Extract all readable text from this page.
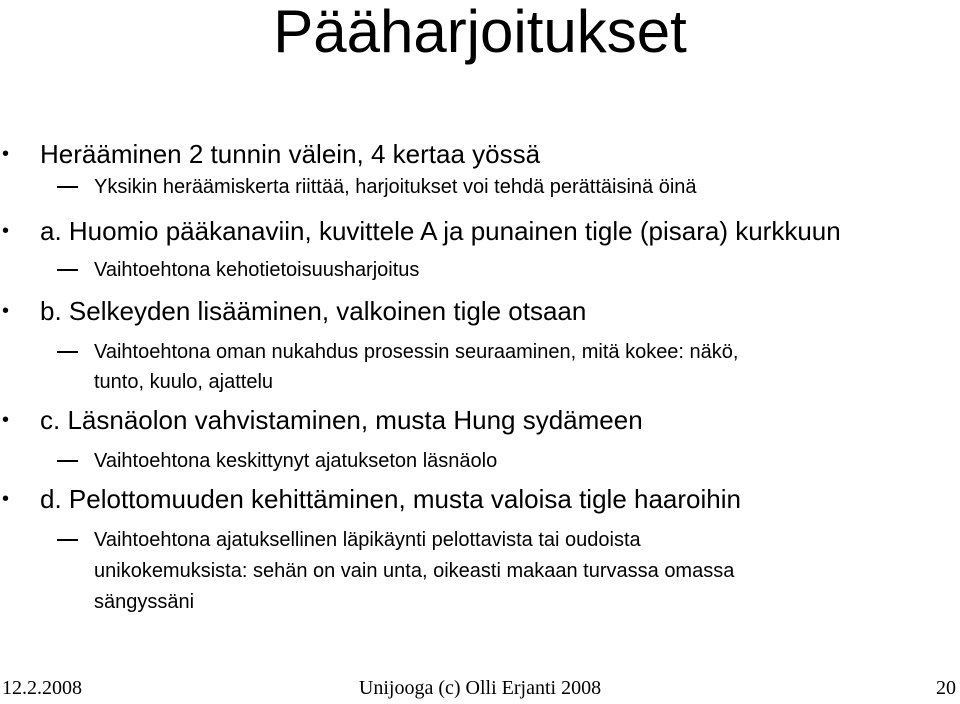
Pääharjoitukset
• Herääminen 2 tunnin välein, 4 kertaa yössä
Yksikin heräämiskerta riittää, harjoitukset voi tehdä perättäisinä öinä
• a. Huomio pääkanaviin, kuvittele A ja punainen tigle (pisara) kurkkuun
Vaihtoehtona kehotietoisuusharjoitus
• b. Selkeyden lisääminen, valkoinen tigle otsaan
Vaihtoehtona oman nukahdus prosessin seuraaminen, mitä kokee: näkö,
tunto, kuulo, ajattelu
• c. Läsnäolon vahvistaminen, musta Hung sydämeen
Vaihtoehtona keskittynyt ajatukseton läsnäolo
• d. Pelottomuuden kehittäminen, musta valoisa tigle haaroihin
Vaihtoehtona ajatuksellinen läpikäynti pelottavista tai oudoista
unikokemuksista: sehän on vain unta, oikeasti makaan turvassa omassa
sängyssäni
12.2.2008	Unijooga (c) Olli Erjanti 2008	20
